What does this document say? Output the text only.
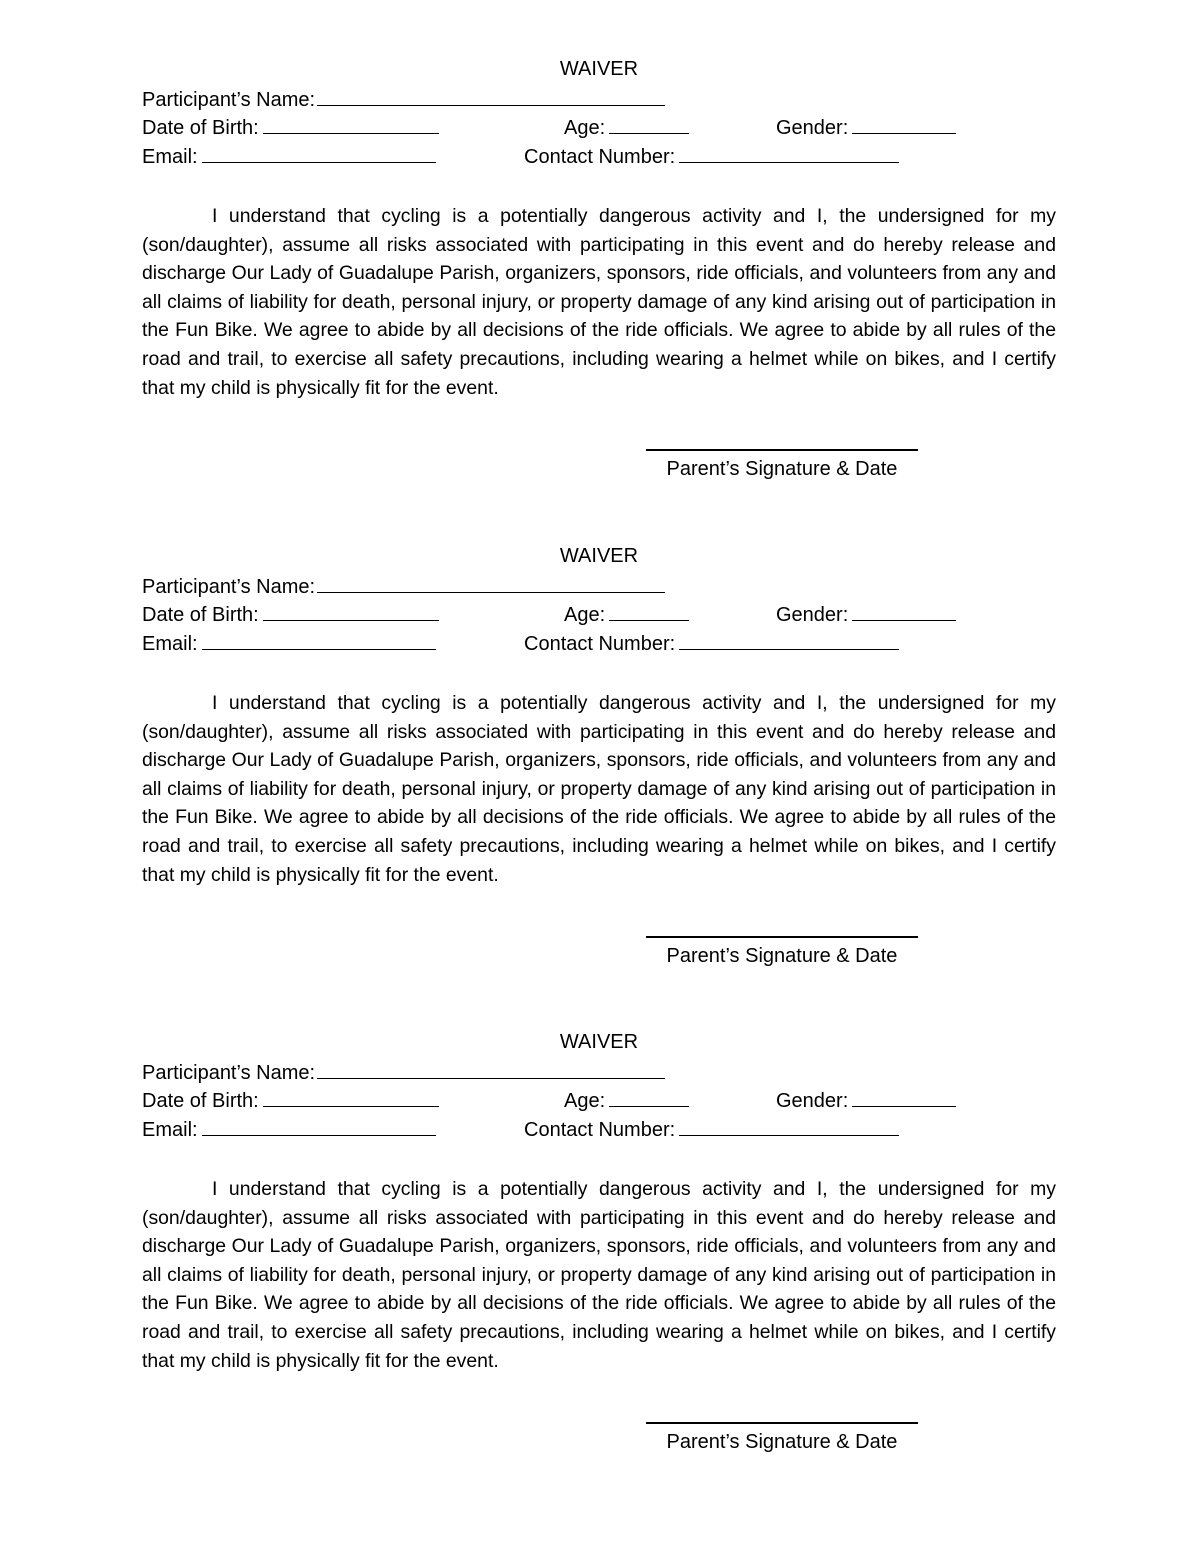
WAIVER
Participant’s Name:
Date of Birth:	Age:	Gender:
Email:	Contact Number:

I understand that cycling is a potentially dangerous activity and I, the undersigned for my (son/daughter), assume all risks associated with participating in this event and do hereby release and discharge Our Lady of Guadalupe Parish, organizers, sponsors, ride officials, and volunteers from any and all claims of liability for death, personal injury, or property damage of any kind arising out of participation in the Fun Bike. We agree to abide by all decisions of the ride officials. We agree to abide by all rules of the road and trail, to exercise all safety precautions, including wearing a helmet while on bikes, and I certify that my child is physically fit for the event.

Parent’s Signature & Date
WAIVER
Participant’s Name:
Date of Birth:	Age:	Gender:
Email:	Contact Number:

I understand that cycling is a potentially dangerous activity and I, the undersigned for my (son/daughter), assume all risks associated with participating in this event and do hereby release and discharge Our Lady of Guadalupe Parish, organizers, sponsors, ride officials, and volunteers from any and all claims of liability for death, personal injury, or property damage of any kind arising out of participation in the Fun Bike. We agree to abide by all decisions of the ride officials. We agree to abide by all rules of the road and trail, to exercise all safety precautions, including wearing a helmet while on bikes, and I certify that my child is physically fit for the event.

Parent’s Signature & Date
WAIVER
Participant’s Name:
Date of Birth:	Age:	Gender:
Email:	Contact Number:

I understand that cycling is a potentially dangerous activity and I, the undersigned for my (son/daughter), assume all risks associated with participating in this event and do hereby release and discharge Our Lady of Guadalupe Parish, organizers, sponsors, ride officials, and volunteers from any and all claims of liability for death, personal injury, or property damage of any kind arising out of participation in the Fun Bike. We agree to abide by all decisions of the ride officials. We agree to abide by all rules of the road and trail, to exercise all safety precautions, including wearing a helmet while on bikes, and I certify that my child is physically fit for the event.

Parent’s Signature & Date
